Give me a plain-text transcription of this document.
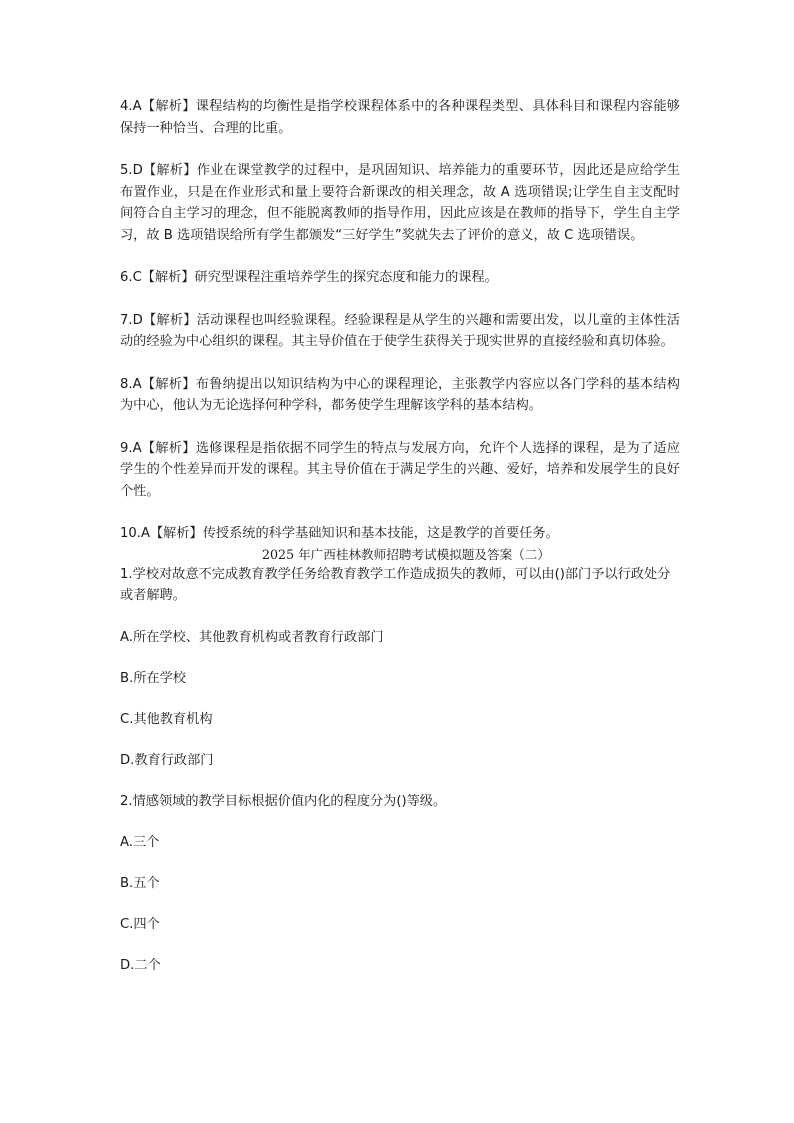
4.A【解析】课程结构的均衡性是指学校课程体系中的各种课程类型、具体科目和课程内容能够保持一种恰当、合理的比重。

5.D【解析】作业在课堂教学的过程中，是巩固知识、培养能力的重要环节，因此还是应给学生布置作业，只是在作业形式和量上要符合新课改的相关理念，故 A 选项错误;让学生自主支配时间符合自主学习的理念，但不能脱离教师的指导作用，因此应该是在教师的指导下，学生自主学习，故 B 选项错误给所有学生都颁发“三好学生”奖就失去了评价的意义，故 C 选项错误。

6.C【解析】研究型课程注重培养学生的探究态度和能力的课程。

7.D【解析】活动课程也叫经验课程。经验课程是从学生的兴趣和需要出发，以儿童的主体性活动的经验为中心组织的课程。其主导价值在于使学生获得关于现实世界的直接经验和真切体验。

8.A【解析】布鲁纳提出以知识结构为中心的课程理论，主张教学内容应以各门学科的基本结构为中心，他认为无论选择何种学科，都务使学生理解该学科的基本结构。

9.A【解析】选修课程是指依据不同学生的特点与发展方向，允许个人选择的课程，是为了适应学生的个性差异而开发的课程。其主导价值在于满足学生的兴趣、爱好，培养和发展学生的良好个性。

10.A【解析】传授系统的科学基础知识和基本技能，这是教学的首要任务。

2025 年广西桂林教师招聘考试模拟题及答案（二）

1.学校对故意不完成教育教学任务给教育教学工作造成损失的教师，可以由()部门予以行政处分或者解聘。

A.所在学校、其他教育机构或者教育行政部门

B.所在学校

C.其他教育机构

D.教育行政部门

2.情感领域的教学目标根据价值内化的程度分为()等级。

A.三个

B.五个

C.四个

D.二个
